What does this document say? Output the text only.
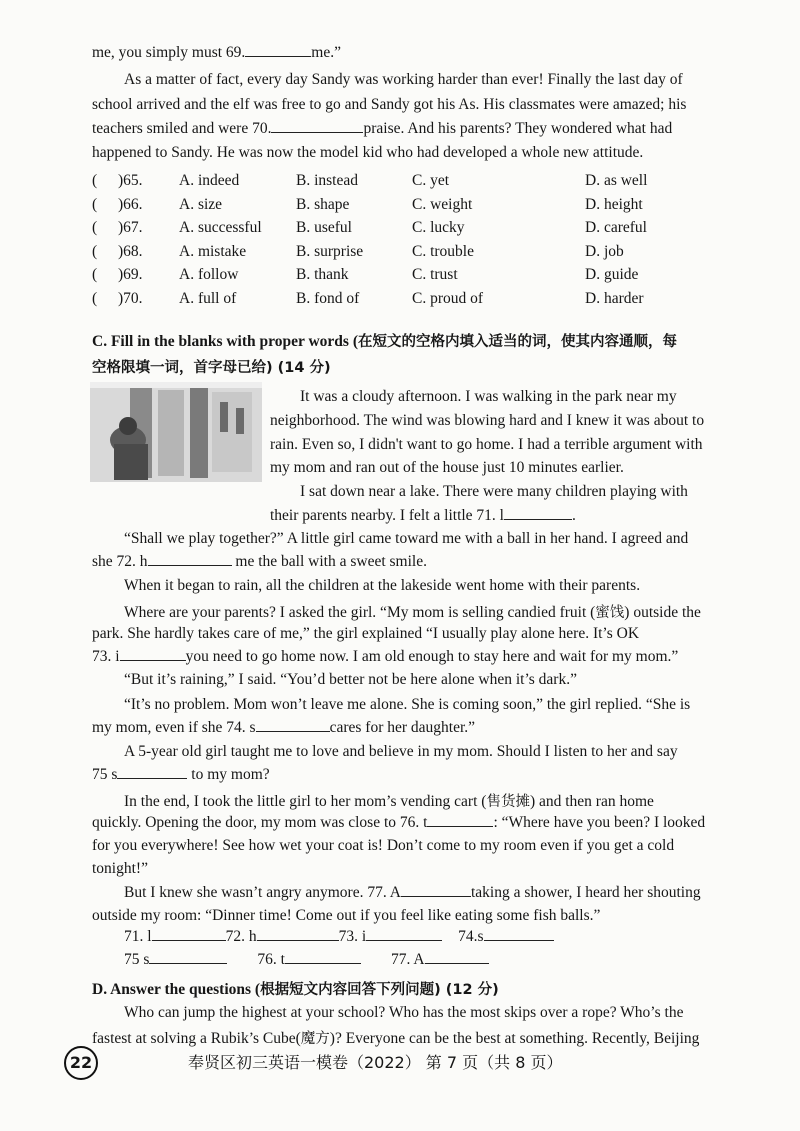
me, you simply must 69.	me.”
As a matter of fact, every day Sandy was working harder than ever! Finally the last day of
school arrived and the elf was free to go and Sandy got his As. His classmates were amazed; his
teachers smiled and were 70.	praise. And his parents? They wondered what had
happened to Sandy. He was now the model kid who had developed a whole new attitude.
( )65. A. indeed	B. instead	C. yet	D. as well
( )66. A. size	B. shape	C. weight	D. height
( )67. A. successful B. useful	C. lucky	D. careful
( )68. A. mistake	B. surprise	C. trouble	D. job
( )69. A. follow	B. thank	C. trust	D. guide
( )70. A. full of	B. fond of	C. proud of	D. harder
C. Fill in the blanks with proper words (在短文的空格内填入适当的词，使其内容通顺，每
空格限填一词，首字母已给) (14 分)
It was a cloudy afternoon. I was walking in the park near my
neighborhood. The wind was blowing hard and I knew it was about to
rain. Even so, I didn't want to go home. I had a terrible argument with
my mom and ran out of the house just 10 minutes earlier.
I sat down near a lake. There were many children playing with
their parents nearby. I felt a little 71. l	.
“Shall we play together?” A little girl came toward me with a ball in her hand. I agreed and
she 72. h	me the ball with a sweet smile.
When it began to rain, all the children at the lakeside went home with their parents.
Where are your parents? I asked the girl. “My mom is selling candied fruit (蜜饯) outside the
park. She hardly takes care of me,” the girl explained “I usually play alone here. It’s OK
73. i	you need to go home now. I am old enough to stay here and wait for my mom.”
“But it’s raining,” I said. “You’d better not be here alone when it’s dark.”
“It’s no problem. Mom won’t leave me alone. She is coming soon,” the girl replied. “She is
my mom, even if she 74. s	cares for her daughter.”
A 5-year old girl taught me to love and believe in my mom. Should I listen to her and say
75 s	to my mom?
In the end, I took the little girl to her mom’s vending cart (售货摊) and then ran home
quickly. Opening the door, my mom was close to 76. t	: “Where have you been? I looked
for you everywhere! See how wet your coat is! Don’t come to my room even if you get a cold
tonight!”
But I knew she wasn’t angry anymore. 77. A	taking a shower, I heard her shouting
outside my room: “Dinner time! Come out if you feel like eating some fish balls.”
71. l	72. h	73. i	74.s
75 s	76. t	77. A
D. Answer the questions (根据短文内容回答下列问题) (12 分)
Who can jump the highest at your school? Who has the most skips over a rope? Who’s the
fastest at solving a Rubik’s Cube(魔方)? Everyone can be the best at something. Recently, Beijing
22	奉贤区初三英语一模卷（2022） 第 7 页（共 8 页）
